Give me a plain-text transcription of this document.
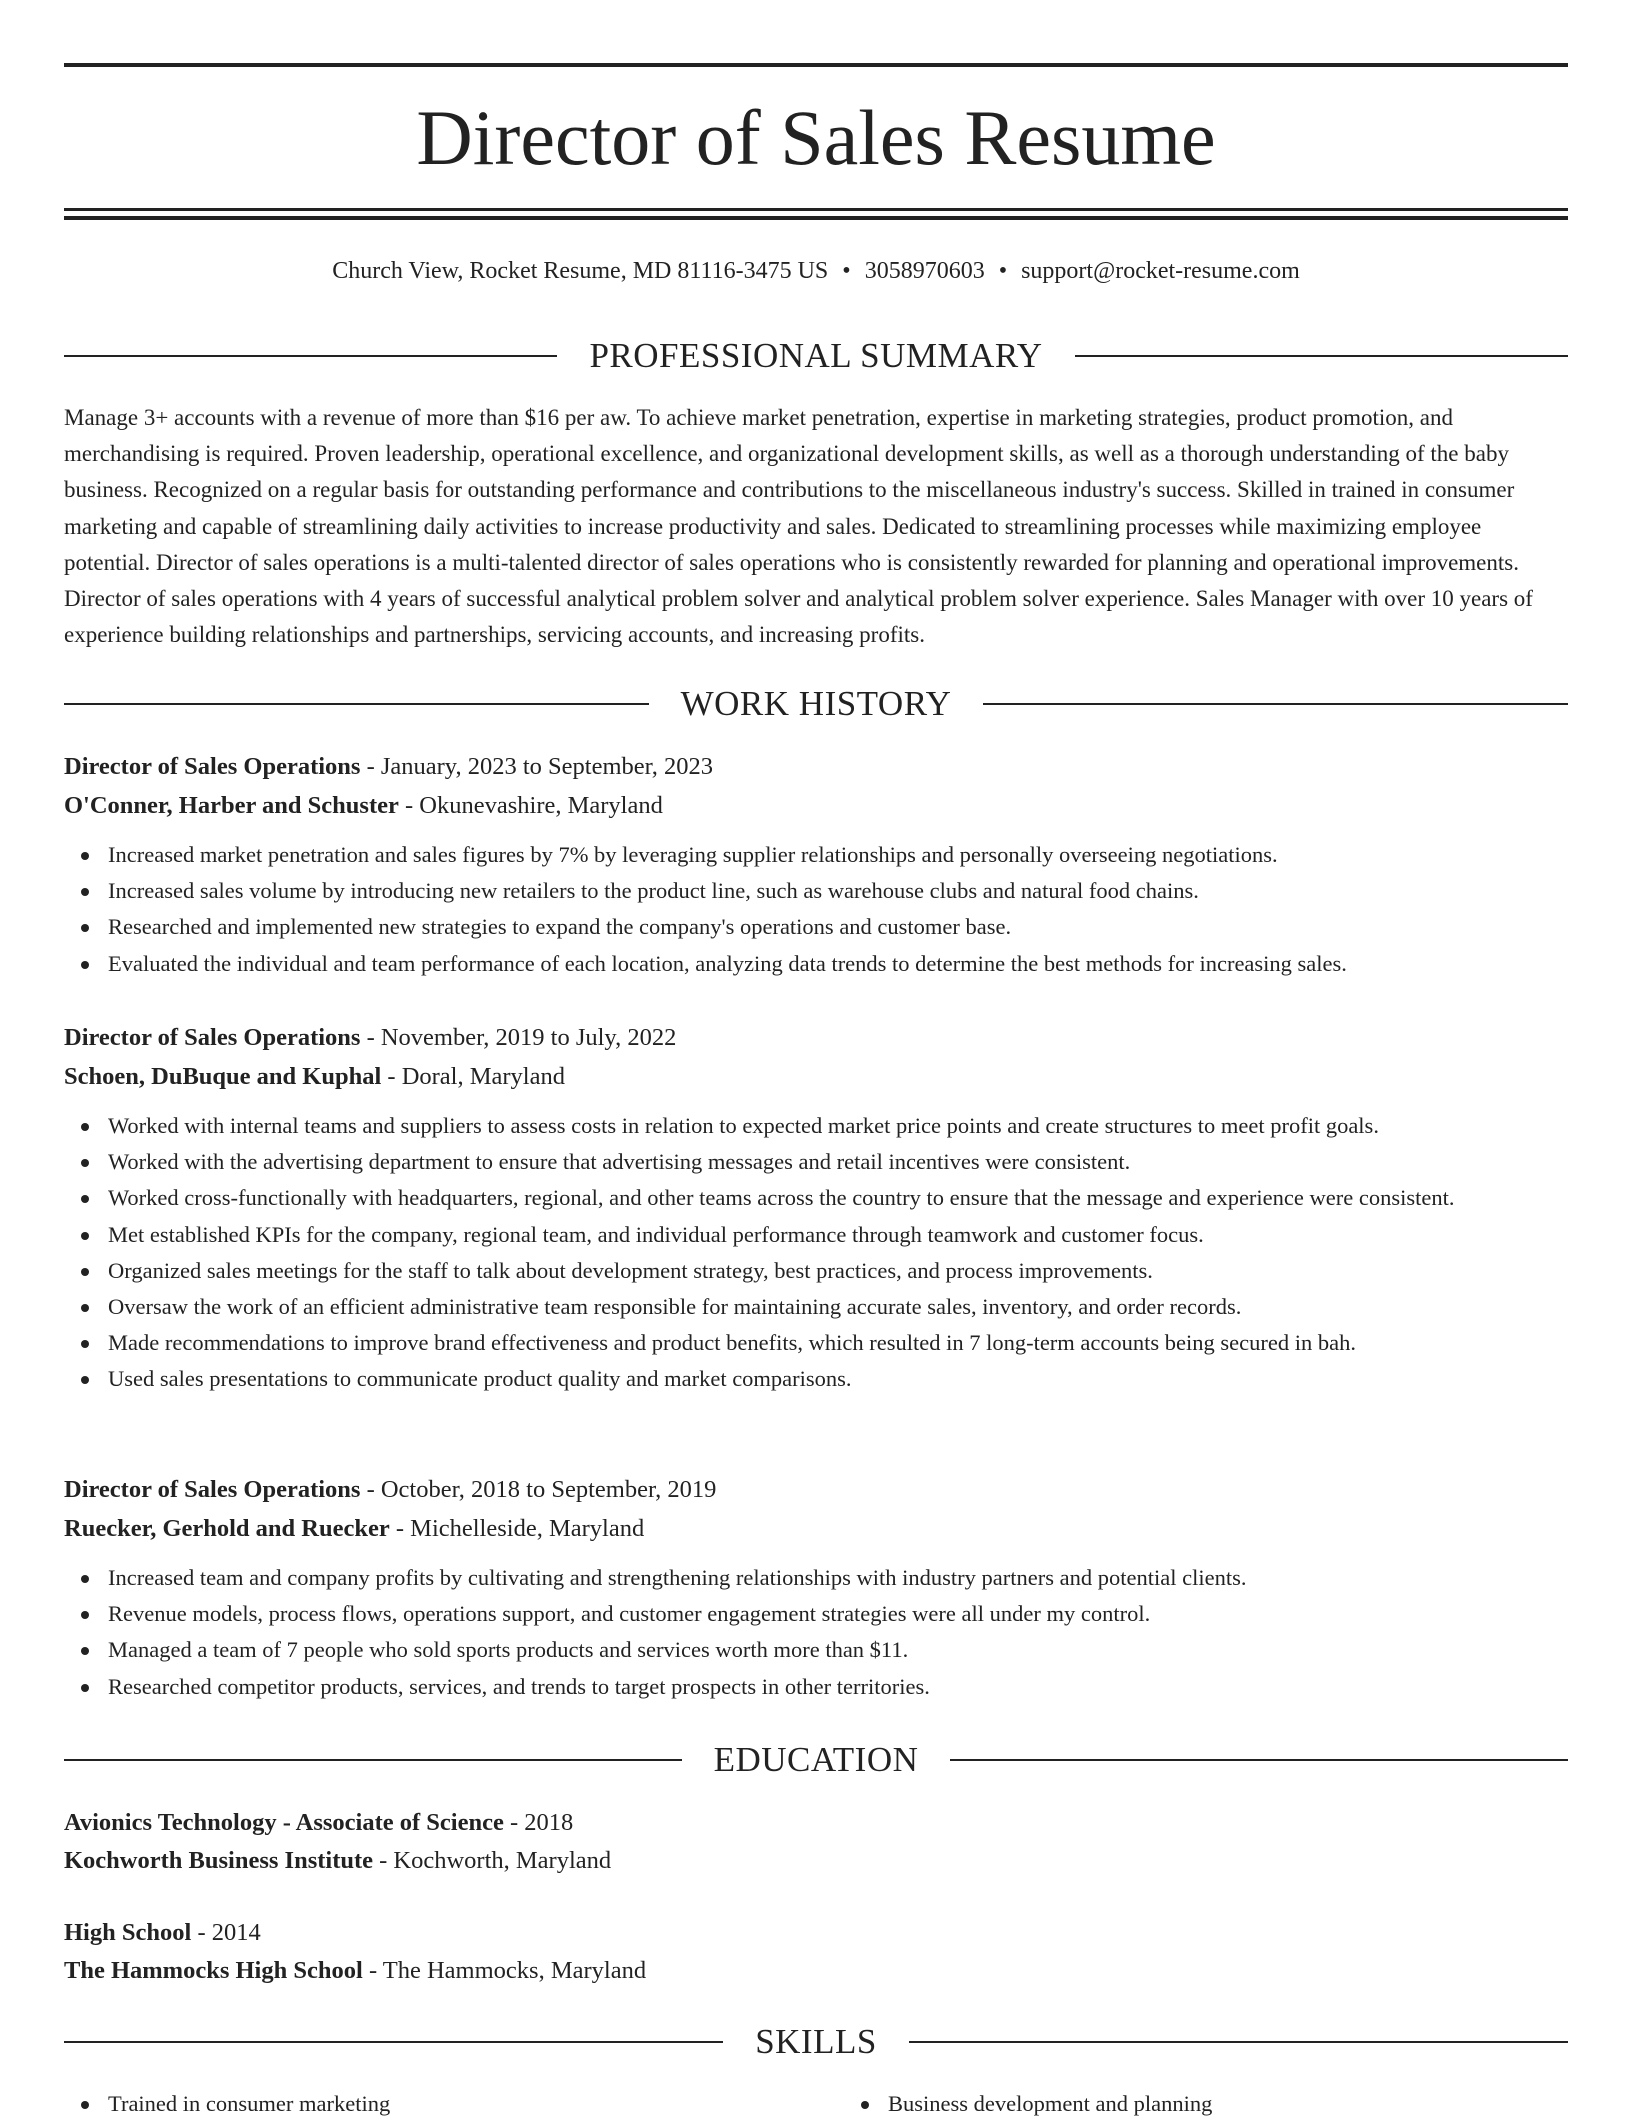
Director of Sales Resume
Church View, Rocket Resume, MD 81116-3475 US • 3058970603 • support@rocket-resume.com
PROFESSIONAL SUMMARY

Manage 3+ accounts with a revenue of more than $16 per aw. To achieve market penetration, expertise in marketing strategies, product promotion, and merchandising is required. Proven leadership, operational excellence, and organizational development skills, as well as a thorough understanding of the baby business. Recognized on a regular basis for outstanding performance and contributions to the miscellaneous industry's success. Skilled in trained in consumer marketing and capable of streamlining daily activities to increase productivity and sales. Dedicated to streamlining processes while maximizing employee potential. Director of sales operations is a multi-talented director of sales operations who is consistently rewarded for planning and operational improvements. Director of sales operations with 4 years of successful analytical problem solver and analytical problem solver experience. Sales Manager with over 10 years of experience building relationships and partnerships, servicing accounts, and increasing profits.

WORK HISTORY
Director of Sales Operations - January, 2023 to September, 2023
O'Conner, Harber and Schuster - Okunevashire, Maryland
Increased market penetration and sales figures by 7% by leveraging supplier relationships and personally overseeing negotiations.
Increased sales volume by introducing new retailers to the product line, such as warehouse clubs and natural food chains.
Researched and implemented new strategies to expand the company's operations and customer base.
Evaluated the individual and team performance of each location, analyzing data trends to determine the best methods for increasing sales.
Director of Sales Operations - November, 2019 to July, 2022
Schoen, DuBuque and Kuphal - Doral, Maryland
Worked with internal teams and suppliers to assess costs in relation to expected market price points and create structures to meet profit goals.
Worked with the advertising department to ensure that advertising messages and retail incentives were consistent.
Worked cross-functionally with headquarters, regional, and other teams across the country to ensure that the message and experience were consistent.
Met established KPIs for the company, regional team, and individual performance through teamwork and customer focus.
Organized sales meetings for the staff to talk about development strategy, best practices, and process improvements.
Oversaw the work of an efficient administrative team responsible for maintaining accurate sales, inventory, and order records.
Made recommendations to improve brand effectiveness and product benefits, which resulted in 7 long-term accounts being secured in bah.
Used sales presentations to communicate product quality and market comparisons.
Director of Sales Operations - October, 2018 to September, 2019
Ruecker, Gerhold and Ruecker - Michelleside, Maryland
Increased team and company profits by cultivating and strengthening relationships with industry partners and potential clients.
Revenue models, process flows, operations support, and customer engagement strategies were all under my control.
Managed a team of 7 people who sold sports products and services worth more than $11.
Researched competitor products, services, and trends to target prospects in other territories.
EDUCATION
Avionics Technology - Associate of Science - 2018
Kochworth Business Institute - Kochworth, Maryland
High School - 2014
The Hammocks High School - The Hammocks, Maryland
SKILLS
Trained in consumer marketing	Business development and planning
